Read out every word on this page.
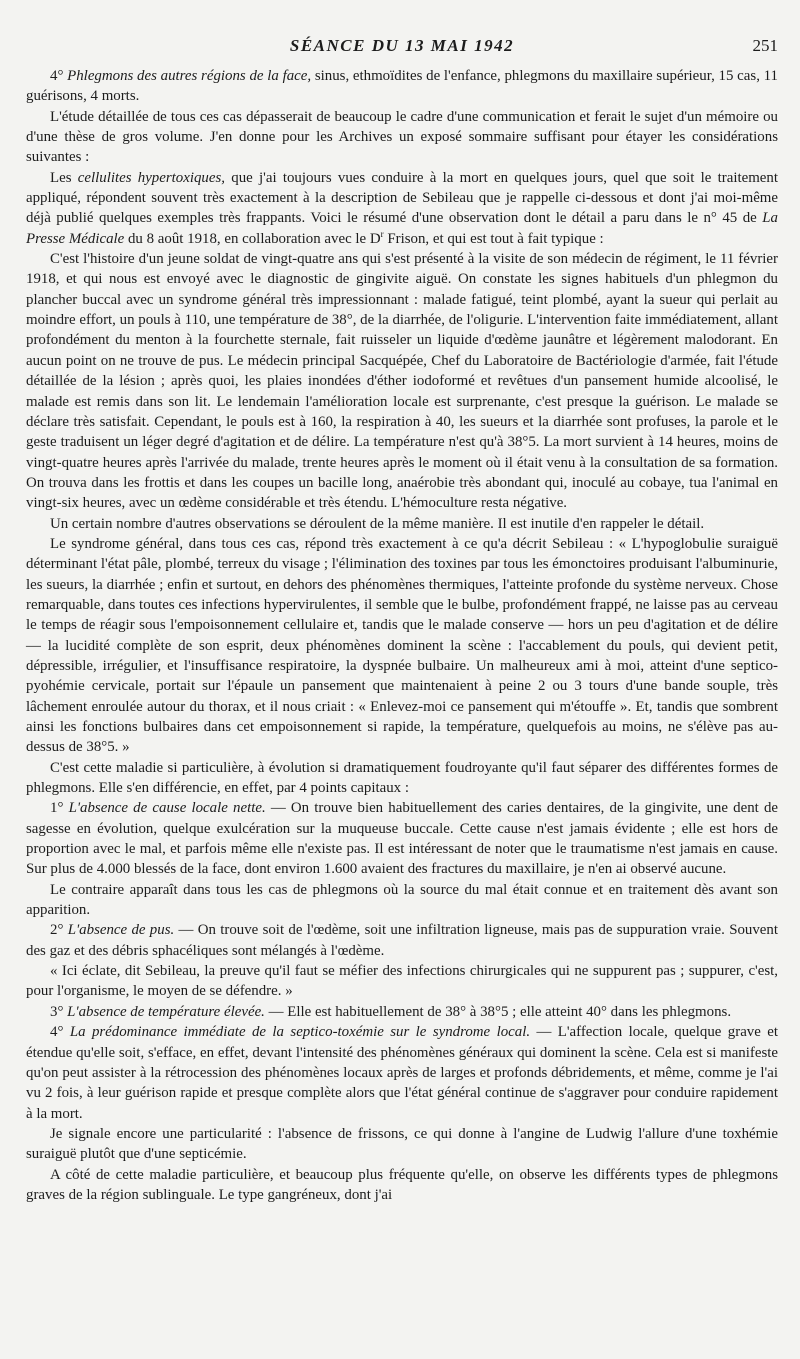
SÉANCE DU 13 MAI 1942	251

4° Phlegmons des autres régions de la face, sinus, ethmoïdites de l'enfance, phlegmons du maxillaire supérieur, 15 cas, 11 guérisons, 4 morts.

L'étude détaillée de tous ces cas dépasserait de beaucoup le cadre d'une communication et ferait le sujet d'un mémoire ou d'une thèse de gros volume. J'en donne pour les Archives un exposé sommaire suffisant pour étayer les considérations suivantes :

Les cellulites hypertoxiques, que j'ai toujours vues conduire à la mort en quelques jours, quel que soit le traitement appliqué, répondent souvent très exactement à la description de Sebileau que je rappelle ci-dessous et dont j'ai moi-même déjà publié quelques exemples très frappants. Voici le résumé d'une observation dont le détail a paru dans le n° 45 de La Presse Médicale du 8 août 1918, en collaboration avec le $D^r$ Frison, et qui est tout à fait typique :

C'est l'histoire d'un jeune soldat de vingt-quatre ans qui s'est présenté à la visite de son médecin de régiment, le 11 février 1918, et qui nous est envoyé avec le diagnostic de gingivite aiguë. On constate les signes habituels d'un phlegmon du plancher buccal avec un syndrome général très impressionnant : malade fatigué, teint plombé, ayant la sueur qui perlait au moindre effort, un pouls à 110, une température de 38°, de la diarrhée, de l'oligurie. L'intervention faite immédiatement, allant profondément du menton à la fourchette sternale, fait ruisseler un liquide d'œdème jaunâtre et légèrement malodorant. En aucun point on ne trouve de pus. Le médecin principal Sacquépée, Chef du Laboratoire de Bactériologie d'armée, fait l'étude détaillée de la lésion ; après quoi, les plaies inondées d'éther iodoformé et revêtues d'un pansement humide alcoolisé, le malade est remis dans son lit. Le lendemain l'amélioration locale est surprenante, c'est presque la guérison. Le malade se déclare très satisfait. Cependant, le pouls est à 160, la respiration à 40, les sueurs et la diarrhée sont profuses, la parole et le geste traduisent un léger degré d'agitation et de délire. La température n'est qu'à 38°5. La mort survient à 14 heures, moins de vingt-quatre heures après l'arrivée du malade, trente heures après le moment où il était venu à la consultation de sa formation. On trouva dans les frottis et dans les coupes un bacille long, anaérobie très abondant qui, inoculé au cobaye, tua l'animal en vingt-six heures, avec un œdème considérable et très étendu. L'hémoculture resta négative.

Un certain nombre d'autres observations se déroulent de la même manière. Il est inutile d'en rappeler le détail.

Le syndrome général, dans tous ces cas, répond très exactement à ce qu'a décrit Sebileau : « L'hypoglobulie suraiguë déterminant l'état pâle, plombé, terreux du visage ; l'élimination des toxines par tous les émonctoires produisant l'albuminurie, les sueurs, la diarrhée ; enfin et surtout, en dehors des phénomènes thermiques, l'atteinte profonde du système nerveux. Chose remarquable, dans toutes ces infections hypervirulentes, il semble que le bulbe, profondément frappé, ne laisse pas au cerveau le temps de réagir sous l'empoisonnement cellulaire et, tandis que le malade conserve — hors un peu d'agitation et de délire — la lucidité complète de son esprit, deux phénomènes dominent la scène : l'accablement du pouls, qui devient petit, dépressible, irrégulier, et l'insuffisance respiratoire, la dyspnée bulbaire. Un malheureux ami à moi, atteint d'une septico-pyohémie cervicale, portait sur l'épaule un pansement que maintenaient à peine 2 ou 3 tours d'une bande souple, très lâchement enroulée autour du thorax, et il nous criait : « Enlevez-moi ce pansement qui m'étouffe ». Et, tandis que sombrent ainsi les fonctions bulbaires dans cet empoisonnement si rapide, la température, quelquefois au moins, ne s'élève pas au-dessus de 38°5. »

C'est cette maladie si particulière, à évolution si dramatiquement foudroyante qu'il faut séparer des différentes formes de phlegmons. Elle s'en différencie, en effet, par 4 points capitaux :

1° L'absence de cause locale nette. — On trouve bien habituellement des caries dentaires, de la gingivite, une dent de sagesse en évolution, quelque exulcération sur la muqueuse buccale. Cette cause n'est jamais évidente ; elle est hors de proportion avec le mal, et parfois même elle n'existe pas. Il est intéressant de noter que le traumatisme n'est jamais en cause. Sur plus de 4.000 blessés de la face, dont environ 1.600 avaient des fractures du maxillaire, je n'en ai observé aucune.

Le contraire apparaît dans tous les cas de phlegmons où la source du mal était connue et en traitement dès avant son apparition.

2° L'absence de pus. — On trouve soit de l'œdème, soit une infiltration ligneuse, mais pas de suppuration vraie. Souvent des gaz et des débris sphacéliques sont mélangés à l'œdème.

« Ici éclate, dit Sebileau, la preuve qu'il faut se méfier des infections chirurgicales qui ne suppurent pas ; suppurer, c'est, pour l'organisme, le moyen de se défendre. »

3° L'absence de température élevée. — Elle est habituellement de 38° à 38°5 ; elle atteint 40° dans les phlegmons.

4° La prédominance immédiate de la septico-toxémie sur le syndrome local. — L'affection locale, quelque grave et étendue qu'elle soit, s'efface, en effet, devant l'intensité des phénomènes généraux qui dominent la scène. Cela est si manifeste qu'on peut assister à la rétrocession des phénomènes locaux après de larges et profonds débridements, et même, comme je l'ai vu 2 fois, à leur guérison rapide et presque complète alors que l'état général continue de s'aggraver pour conduire rapidement à la mort.

Je signale encore une particularité : l'absence de frissons, ce qui donne à l'angine de Ludwig l'allure d'une toxhémie suraiguë plutôt que d'une septicémie.

A côté de cette maladie particulière, et beaucoup plus fréquente qu'elle, on observe les différents types de phlegmons graves de la région sublinguale. Le type gangréneux, dont j'ai
